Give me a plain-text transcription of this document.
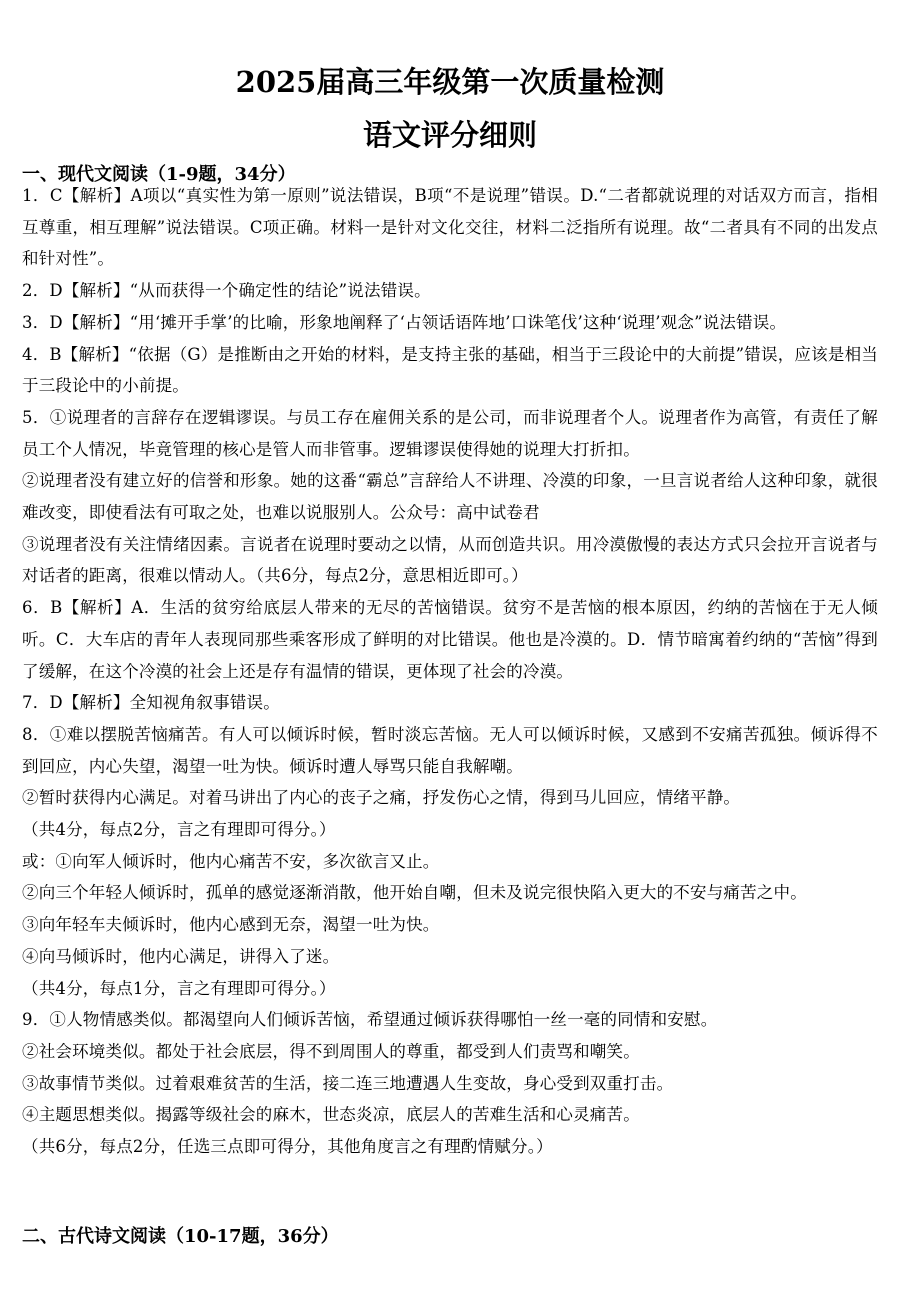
2025届高三年级第一次质量检测
语文评分细则
一、现代文阅读（1-9题，34分）

1．C【解析】A项以“真实性为第一原则”说法错误，B项“不是说理”错误。D.“二者都就说理的对话双方而言，指相互尊重，相互理解”说法错误。C项正确。材料一是针对文化交往，材料二泛指所有说理。故“二者具有不同的出发点和针对性”。

2．D【解析】“从而获得一个确定性的结论”说法错误。

3．D【解析】“用‘摊开手掌’的比喻，形象地阐释了‘占领话语阵地’口诛笔伐’这种‘说理’观念”说法错误。

4．B【解析】“依据（G）是推断由之开始的材料，是支持主张的基础，相当于三段论中的大前提”错误，应该是相当于三段论中的小前提。

5．①说理者的言辞存在逻辑谬误。与员工存在雇佣关系的是公司，而非说理者个人。说理者作为高管，有责任了解员工个人情况，毕竟管理的核心是管人而非管事。逻辑谬误使得她的说理大打折扣。

②说理者没有建立好的信誉和形象。她的这番“霸总”言辞给人不讲理、冷漠的印象，一旦言说者给人这种印象，就很难改变，即使看法有可取之处，也难以说服别人。公众号：高中试卷君

③说理者没有关注情绪因素。言说者在说理时要动之以情，从而创造共识。用冷漠傲慢的表达方式只会拉开言说者与对话者的距离，很难以情动人。（共6分，每点2分，意思相近即可。）

6．B【解析】A．生活的贫穷给底层人带来的无尽的苦恼错误。贫穷不是苦恼的根本原因，约纳的苦恼在于无人倾听。C．大车店的青年人表现同那些乘客形成了鲜明的对比错误。他也是冷漠的。D．情节暗寓着约纳的“苦恼”得到了缓解，在这个冷漠的社会上还是存有温情的错误，更体现了社会的冷漠。

7．D【解析】全知视角叙事错误。

8．①难以摆脱苦恼痛苦。有人可以倾诉时候，暂时淡忘苦恼。无人可以倾诉时候，又感到不安痛苦孤独。倾诉得不到回应，内心失望，渴望一吐为快。倾诉时遭人辱骂只能自我解嘲。

②暂时获得内心满足。对着马讲出了内心的丧子之痛，抒发伤心之情，得到马儿回应，情绪平静。

（共4分，每点2分，言之有理即可得分。）

或：①向军人倾诉时，他内心痛苦不安，多次欲言又止。

②向三个年轻人倾诉时，孤单的感觉逐渐消散，他开始自嘲，但未及说完很快陷入更大的不安与痛苦之中。

③向年轻车夫倾诉时，他内心感到无奈，渴望一吐为快。

④向马倾诉时，他内心满足，讲得入了迷。

（共4分，每点1分，言之有理即可得分。）

9．①人物情感类似。都渴望向人们倾诉苦恼，希望通过倾诉获得哪怕一丝一毫的同情和安慰。

②社会环境类似。都处于社会底层，得不到周围人的尊重，都受到人们责骂和嘲笑。

③故事情节类似。过着艰难贫苦的生活，接二连三地遭遇人生变故，身心受到双重打击。

④主题思想类似。揭露等级社会的麻木，世态炎凉，底层人的苦难生活和心灵痛苦。

（共6分，每点2分，任选三点即可得分，其他角度言之有理酌情赋分。）

二、古代诗文阅读（10-17题，36分）
